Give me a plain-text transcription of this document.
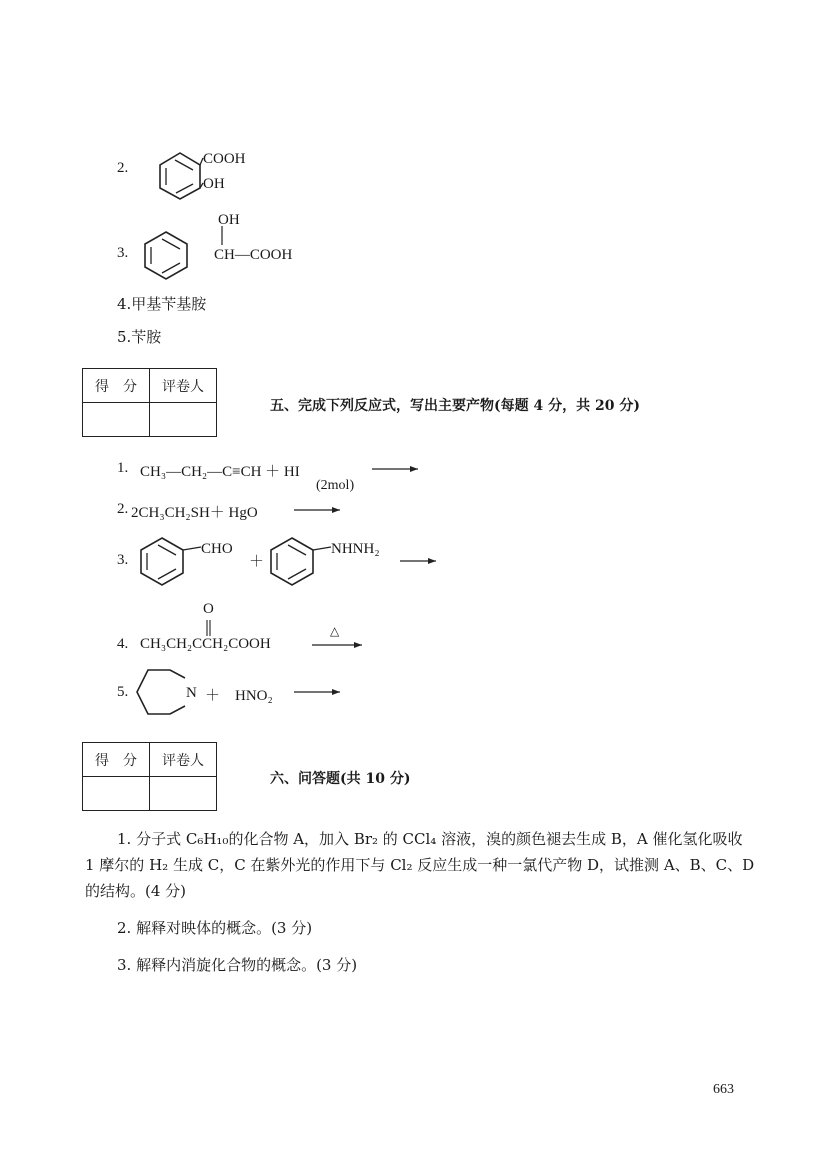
2.
COOH
OH
3.
OH
CH—COOH
4.甲基苄基胺
5.苄胺
得　分	评卷人

五、完成下列反应式，写出主要产物(每题 4 分，共 20 分)
1. CH₃—CH₂—C≡CH ＋ HI
(2mol)
2. 2CH₃CH₂SH＋ HgO
3.
CHO
＋
NHNH₂
4.
O
CH₃CH₂CCH₂COOH
△
5.	N ＋　HNO₂
得　分	评卷人

六、问答题(共 10 分)
1. 分子式 C₆H₁₀的化合物 A，加入 Br₂ 的 CCl₄ 溶液，溴的颜色褪去生成 B，A 催化氢化吸收 1 摩尔的 H₂ 生成 C，C 在紫外光的作用下与 Cl₂ 反应生成一种一氯代产物 D，试推测 A、B、C、D 的结构。(4 分)
2. 解释对映体的概念。(3 分)
3. 解释内消旋化合物的概念。(3 分)
663
